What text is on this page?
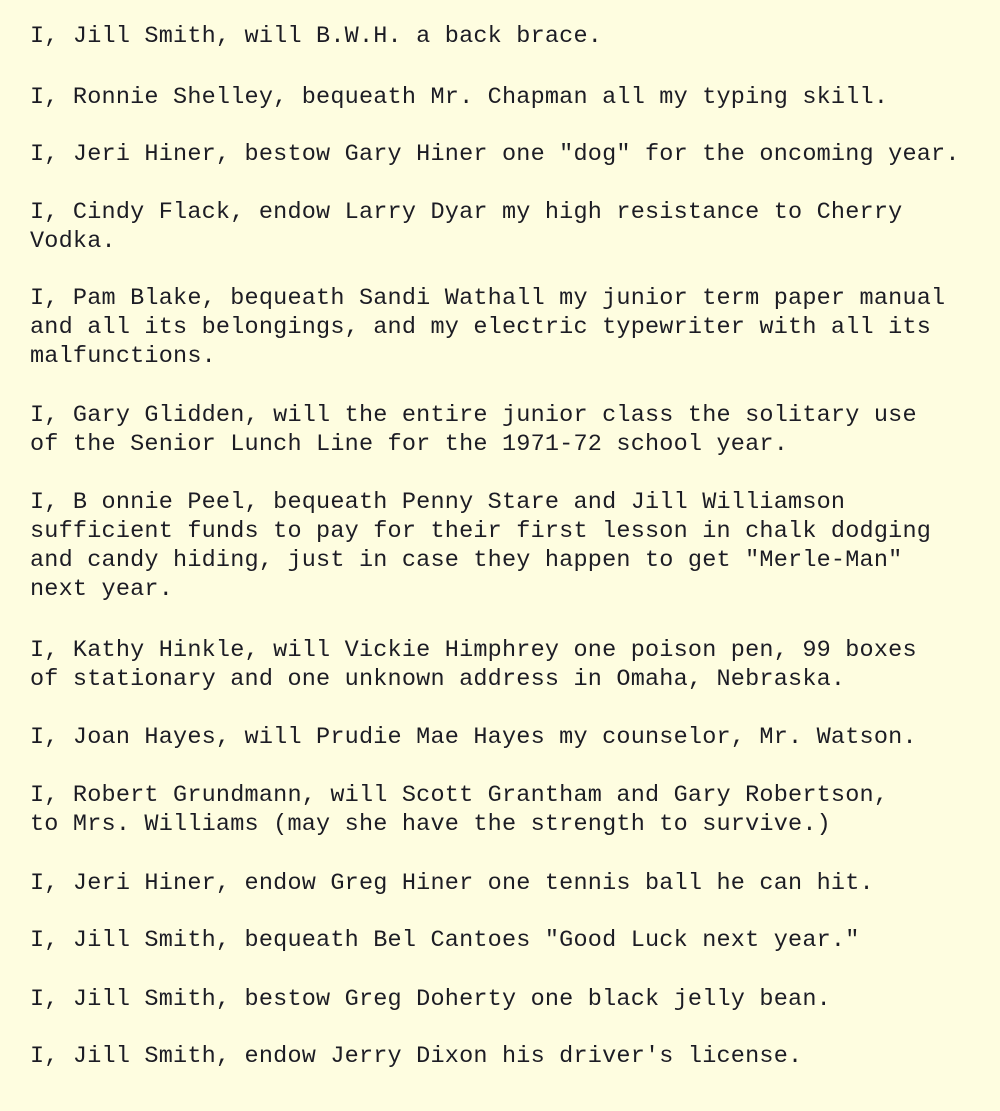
I, Jill Smith, will B.W.H. a back brace.

I, Ronnie Shelley, bequeath Mr. Chapman all my typing skill.

I, Jeri Hiner, bestow Gary Hiner one "dog" for the oncoming year.

I, Cindy Flack, endow Larry Dyar my high resistance to Cherry
Vodka.

I, Pam Blake, bequeath Sandi Wathall my junior term paper manual
and all its belongings, and my electric typewriter with all its
malfunctions.

I, Gary Glidden, will the entire junior class the solitary use
of the Senior Lunch Line for the 1971-72 school year.

I, B onnie Peel, bequeath Penny Stare and Jill Williamson
sufficient funds to pay for their first lesson in chalk dodging
and candy hiding, just in case they happen to get "Merle-Man"
next year.

I, Kathy Hinkle, will Vickie Himphrey one poison pen, 99 boxes
of stationary and one unknown address in Omaha, Nebraska.

I, Joan Hayes, will Prudie Mae Hayes my counselor, Mr. Watson.

I, Robert Grundmann, will Scott Grantham and Gary Robertson,
to Mrs. Williams (may she have the strength to survive.)

I, Jeri Hiner, endow Greg Hiner one tennis ball he can hit.

I, Jill Smith, bequeath Bel Cantoes "Good Luck next year."

I, Jill Smith, bestow Greg Doherty one black jelly bean.

I, Jill Smith, endow Jerry Dixon his driver's license.
